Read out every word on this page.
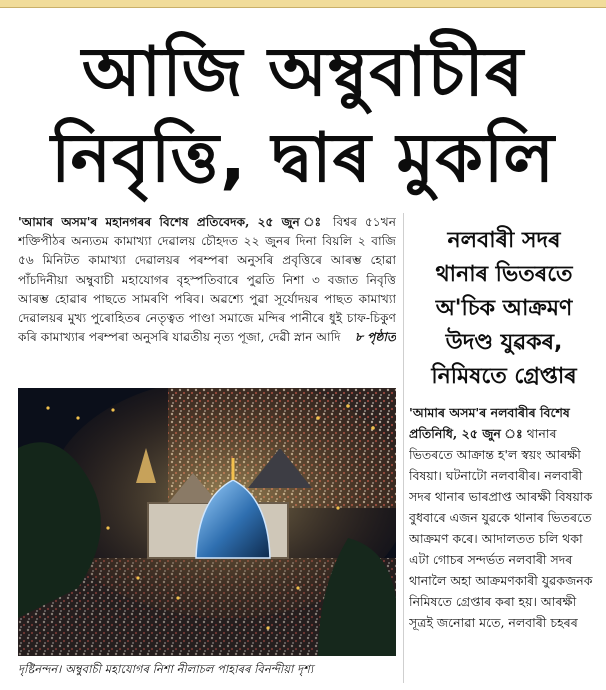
আজি অম্বুবাচীৰ
নিবৃত্তি, দ্বাৰ মুকলি

'আমাৰ অসম'ৰ মহানগৰৰ বিশেষ প্ৰতিবেদক, ২৫ জুন ঃ বিশ্বৰ ৫১খন শক্তিপীঠৰ অন্যতম কামাখ্যা দেৱালয় চৌহদত ২২ জুনৰ দিনা বিয়লি ২ বাজি ৫৬ মিনিটত কামাখ্যা দেৱালয়ৰ পৰম্পৰা অনুসৰি প্ৰবৃত্তিৰে আৰম্ভ হোৱা পাঁচদিনীয়া অম্বুবাচী মহাযোগৰ বৃহস্পতিবাৰে পুৱতি নিশা ৩ বজাত নিবৃত্তি আৰম্ভ হোৱাৰ পাছতে সামৰণি পৰিব। অৱশ্যে পুৱা সূৰ্যোদয়ৰ পাছত কামাখ্যা দেৱালয়ৰ মুখ্য পুৰোহিতৰ নেতৃত্বত পাণ্ডা সমাজে মন্দিৰ পানীৰে ধুই চাফ-চিকুণ কৰি কামাখ্যাৰ পৰম্পৰা অনুসৰি যাৱতীয় নৃত্য পূজা, দেৱী স্নান আদি ৮ পৃষ্ঠাত

দৃষ্টিনন্দন। অম্বুবাচী মহাযোগৰ নিশা নীলাচল পাহাৰৰ বিনন্দীয়া দৃশ্য
নলবাৰী সদৰ
থানাৰ ভিতৰতে
অ'চিক আক্ৰমণ
উদণ্ড যুৱকৰ,
নিমিষতে গ্ৰেপ্তাৰ
'আমাৰ অসম'ৰ নলবাৰীৰ বিশেষ প্ৰতিনিধি, ২৫ জুন ঃ থানাৰ ভিতৰতে আক্ৰান্ত হ'ল স্বয়ং আৰক্ষী বিষয়া। ঘটনাটো নলবাৰীৰ। নলবাৰী সদৰ থানাৰ ভাৰপ্ৰাপ্ত আৰক্ষী বিষয়াক বুধবাৰে এজন যুৱকে থানাৰ ভিতৰতে আক্ৰমণ কৰে। আদালতত চলি থকা এটা গোচৰ সন্দৰ্ভত নলবাৰী সদৰ থানালৈ অহা আক্ৰমণকাৰী যুৱকজনক নিমিষতে গ্ৰেপ্তাৰ কৰা হয়। আৰক্ষী সূত্ৰই জনোৱা মতে, নলবাৰী চহৰৰ
